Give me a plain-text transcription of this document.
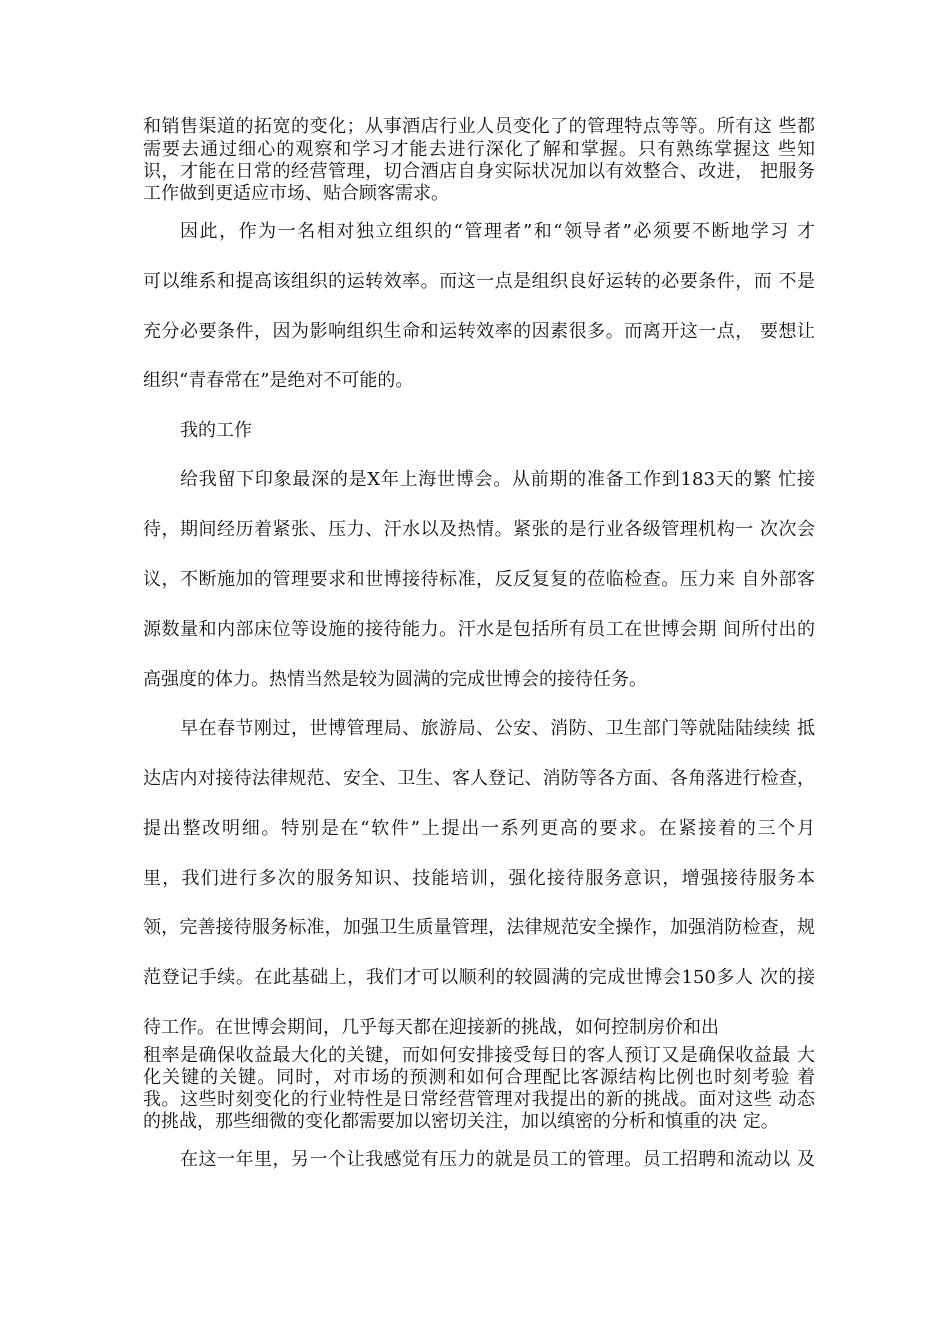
和销售渠道的拓宽的变化；从事酒店行业人员变化了的管理特点等等。所有这 些都
需要去通过细心的观察和学习才能去进行深化了解和掌握。只有熟练掌握这 些知
识，才能在日常的经营管理，切合酒店自身实际状况加以有效整合、改进， 把服务
工作做到更适应市场、贴合顾客需求。
因此，作为一名相对独立组织的“管理者”和“领导者”必须要不断地学习 才
可以维系和提高该组织的运转效率。而这一点是组织良好运转的必要条件，而 不是
充分必要条件，因为影响组织生命和运转效率的因素很多。而离开这一点， 要想让
组织“青春常在”是绝对不可能的。
我的工作
给我留下印象最深的是X年上海世博会。从前期的准备工作到183天的繁 忙接
待，期间经历着紧张、压力、汗水以及热情。紧张的是行业各级管理机构一 次次会
议，不断施加的管理要求和世博接待标准，反反复复的莅临检查。压力来 自外部客
源数量和内部床位等设施的接待能力。汗水是包括所有员工在世博会期 间所付出的
高强度的体力。热情当然是较为圆满的完成世博会的接待任务。
早在春节刚过，世博管理局、旅游局、公安、消防、卫生部门等就陆陆续续 抵
达店内对接待法律规范、安全、卫生、客人登记、消防等各方面、各角落进行检查，
提出整改明细。特别是在“软件”上提出一系列更高的要求。在紧接着的三个月
里，我们进行多次的服务知识、技能培训，强化接待服务意识，增强接待服务本
领，完善接待服务标准，加强卫生质量管理，法律规范安全操作，加强消防检查，规
范登记手续。在此基础上，我们才可以顺利的较圆满的完成世博会150多人 次的接
待工作。在世博会期间，几乎每天都在迎接新的挑战，如何控制房价和出
租率是确保收益最大化的关键，而如何安排接受每日的客人预订又是确保收益最 大
化关键的关键。同时，对市场的预测和如何合理配比客源结构比例也时刻考验 着
我。这些时刻变化的行业特性是日常经营管理对我提出的新的挑战。面对这些 动态
的挑战，那些细微的变化都需要加以密切关注，加以缜密的分析和慎重的决 定。
在这一年里，另一个让我感觉有压力的就是员工的管理。员工招聘和流动以 及
